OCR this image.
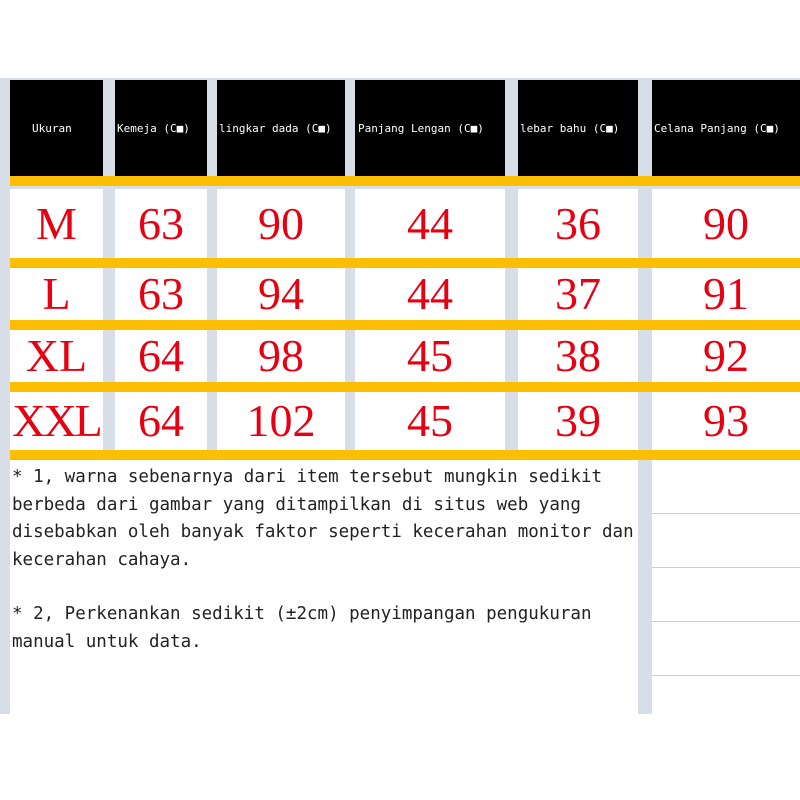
Ukuran	Kemeja (C■)	lingkar dada (C■)	Panjang Lengan (C■)	lebar bahu (C■)	Celana Panjang (C■)
M	63	90	44	36	90
L	63	94	44	37	91
XL	64	98	45	38	92
XXL 64	102	45	39	93

* 1, warna sebenarnya dari item tersebut mungkin sedikit berbeda dari gambar yang ditampilkan di situs web yang disebabkan oleh banyak faktor seperti kecerahan monitor dan kecerahan cahaya.

* 2, Perkenankan sedikit (±2cm) penyimpangan pengukuran manual untuk data.
